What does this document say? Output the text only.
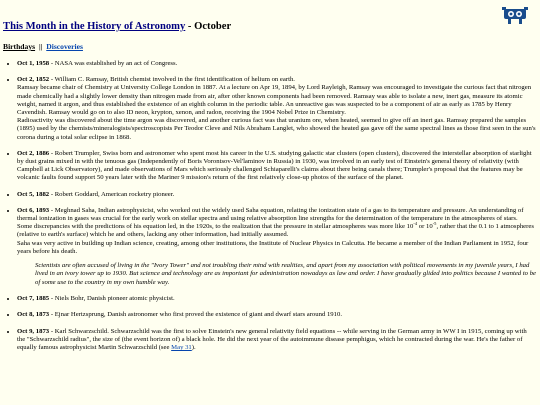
This Month in the History of Astronomy - October
Birthdays || Discoveries
• Oct 1, 1958 - NASA was established by an act of Congress.
• Oct 2, 1852 - William C. Ramsay, British chemist involved in the first identification of helium on earth.
Ramsay became chair of Chemistry at University College London in 1887. At a lecture on Apr 19, 1894, by Lord Rayleigh, Ramsay was encouraged to investigate the curious fact that nitrogen made chemically had a slightly lower density than nitrogen made from air, after other known components had been removed. Ramsay was able to isolate a new, inert gas, measure its atomic weight, named it argon, and thus established the existence of an eighth column in the periodic table. An unreactive gas was suspected to be a component of air as early as 1785 by Henry Cavendish. Ramsay would go on to also ID neon, krypton, xenon, and radon, receiving the 1904 Nobel Prize in Chemistry.
Radioactivity was discovered about the time argon was discovered, and another curious fact was that uranium ore, when heated, seemed to give off an inert gas. Ramsay prepared the samples (1895) used by the chemists/mineralogists/spectroscopists Per Teodor Cleve and Nils Abraham Langlet, who showed the heated gas gave off the same spectral lines as those first seen in the sun's corona during a total solar eclipse in 1868.
• Oct 2, 1886 - Robert Trumpler, Swiss born and astronomer who spent most his career in the U.S. studying galactic star clusters (open clusters), discovered the interstellar absorption of starlight by dust grains mixed in with the tenuous gas (Independently of Boris Vorontsov-Vel'laminov in Russia) in 1930, was involved in an early test of Einstein's general theory of relativity (with Campbell at Lick Observatory), and made observations of Mars which seriously challenged Schiaparelli's claims about there being canals there; Trumpler's proposal that the features may be volcanic faults found support 50 years later with the Mariner 9 mission's return of the first relatively close-up photos of the surface of the planet.
• Oct 5, 1882 - Robert Goddard, American rocketry pioneer.
• Oct 6, 1893 - Meghnad Saha, Indian astrophysicist, who worked out the widely used Saha equation, relating the ionization state of a gas to its temperature and pressure. An understanding of thermal ionization in gases was crucial for the early work on stellar spectra and using relative absorption line strengths for the determination of the temperature in the atmospheres of stars.
Some discrepancies with the predictions of his equation led, in the 1920s, to the realization that the pressure in stellar atmospheres was more like $10^{-4}$ or $10^{-5}$, rather that the 0.1 to 1 atmospheres (relative to earth's surface) which he and others, lacking any other information, had initially assumed.
Saha was very active in building up Indian science, creating, among other institutions, the Institute of Nuclear Physics in Calcutta. He became a member of the Indian Parliament in 1952, four years before his death.
Scientists are often accused of living in the "Ivory Tower" and not troubling their mind with realities, and apart from my association with political movements in my juvenile years, I had lived in an ivory tower up to 1930. But science and technology are as important for administration nowadays as law and order. I have gradually glided into politics because I wanted to be of some use to the country in my own humble way.
• Oct 7, 1885 - Niels Bohr, Danish pioneer atomic physicist.
• Oct 8, 1873 - Ejnar Hertzsprung, Danish astronomer who first proved the existence of giant and dwarf stars around 1910.
• Oct 9, 1873 - Karl Schwarzschild. Schwarzschild was the first to solve Einstein's new general relativity field equations -- while serving in the German army in WW I in 1915, coming up with the "Schwarzschild radius", the size of (the event horizon of) a black hole. He did the next year of the autoimmune disease pemphigus, which he contracted during the war. He's the father of equally famous astrophysicist Martin Schwarzschild (see May 31).
